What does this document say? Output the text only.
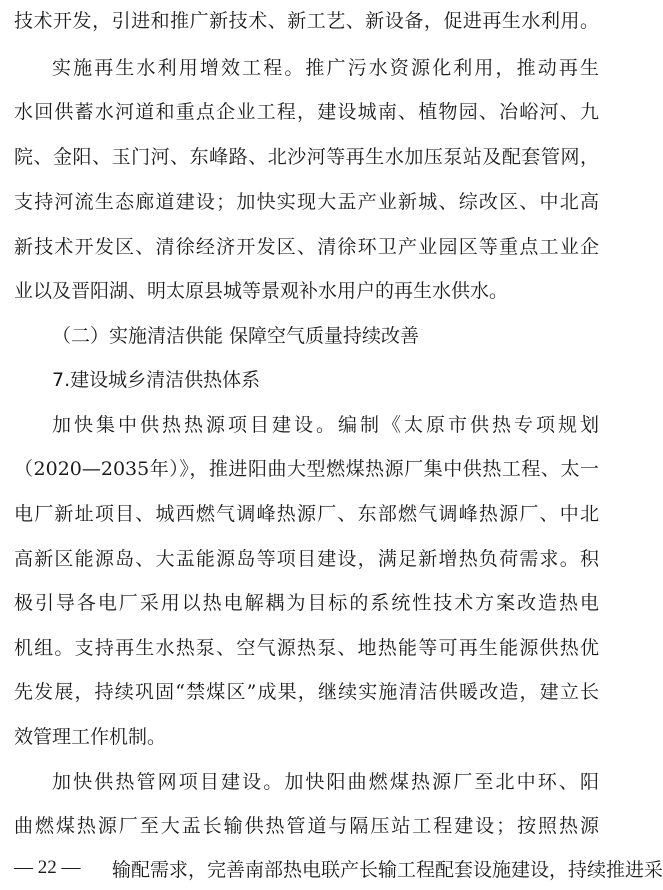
技术开发，引进和推广新技术、新工艺、新设备，促进再生水利用。
实施再生水利用增效工程。推广污水资源化利用，推动再生
水回供蓄水河道和重点企业工程，建设城南、植物园、冶峪河、九
院、金阳、玉门河、东峰路、北沙河等再生水加压泵站及配套管网，
支持河流生态廊道建设；加快实现大盂产业新城、综改区、中北高
新技术开发区、清徐经济开发区、清徐环卫产业园区等重点工业企
业以及晋阳湖、明太原县城等景观补水用户的再生水供水。
（二）实施清洁供能 保障空气质量持续改善
7.建设城乡清洁供热体系
加快集中供热热源项目建设。编制《太原市供热专项规划
（2020—2035年）》，推进阳曲大型燃煤热源厂集中供热工程、太一
电厂新址项目、城西燃气调峰热源厂、东部燃气调峰热源厂、中北
高新区能源岛、大盂能源岛等项目建设，满足新增热负荷需求。积
极引导各电厂采用以热电解耦为目标的系统性技术方案改造热电
机组。支持再生水热泵、空气源热泵、地热能等可再生能源供热优
先发展，持续巩固“禁煤区”成果，继续实施清洁供暖改造，建立长
效管理工作机制。
加快供热管网项目建设。加快阳曲燃煤热源厂至北中环、阳
曲燃煤热源厂至大盂长输供热管道与隔压站工程建设；按照热源
输配需求，完善南部热电联产长输工程配套设施建设，持续推进采
— 22 —
